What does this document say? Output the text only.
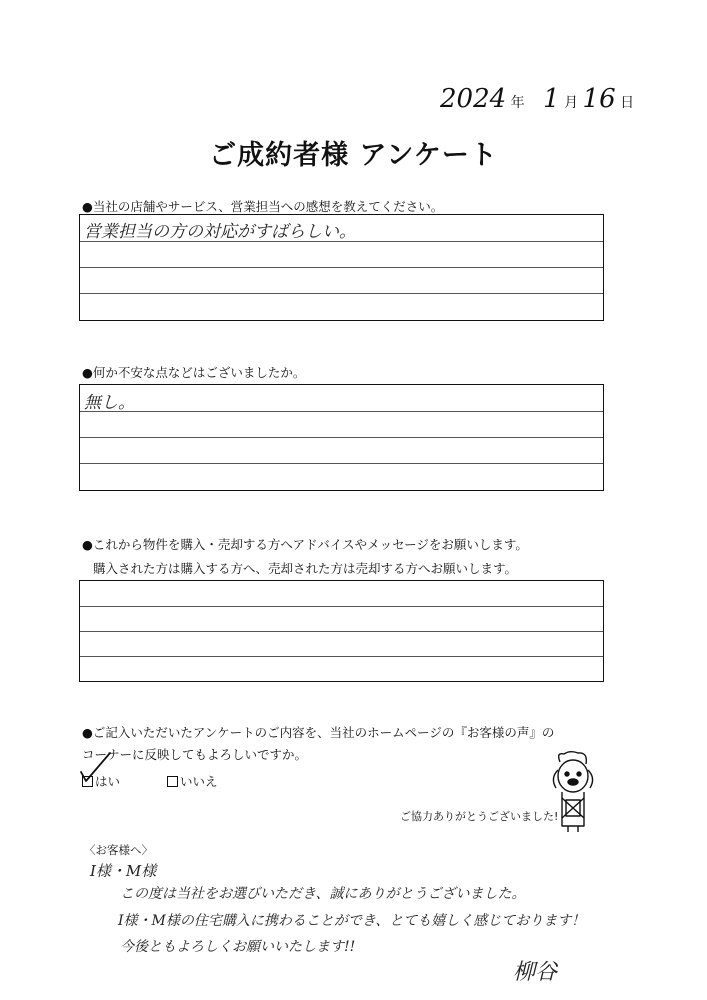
2024 年 1 月 16 日
ご成約者様 アンケート
●当社の店舗やサービス、営業担当への感想を教えてください。
営業担当の方の対応がすばらしい。
●何か不安な点などはございましたか。
無し。
●これから物件を購入・売却する方へアドバイスやメッセージをお願いします。
購入された方は購入する方へ、売却された方は売却する方へお願いします。
●ご記入いただいたアンケートのご内容を、当社のホームページの『お客様の声』の
コーナーに反映してもよろしいですか。
はい	いいえ
ご協力ありがとうございました!
〈お客様へ〉
I様・M様
この度は当社をお選びいただき、誠にありがとうございました。
I様・M様の住宅購入に携わることができ、とても嬉しく感じております！
今後ともよろしくお願いいたします!!
柳谷
